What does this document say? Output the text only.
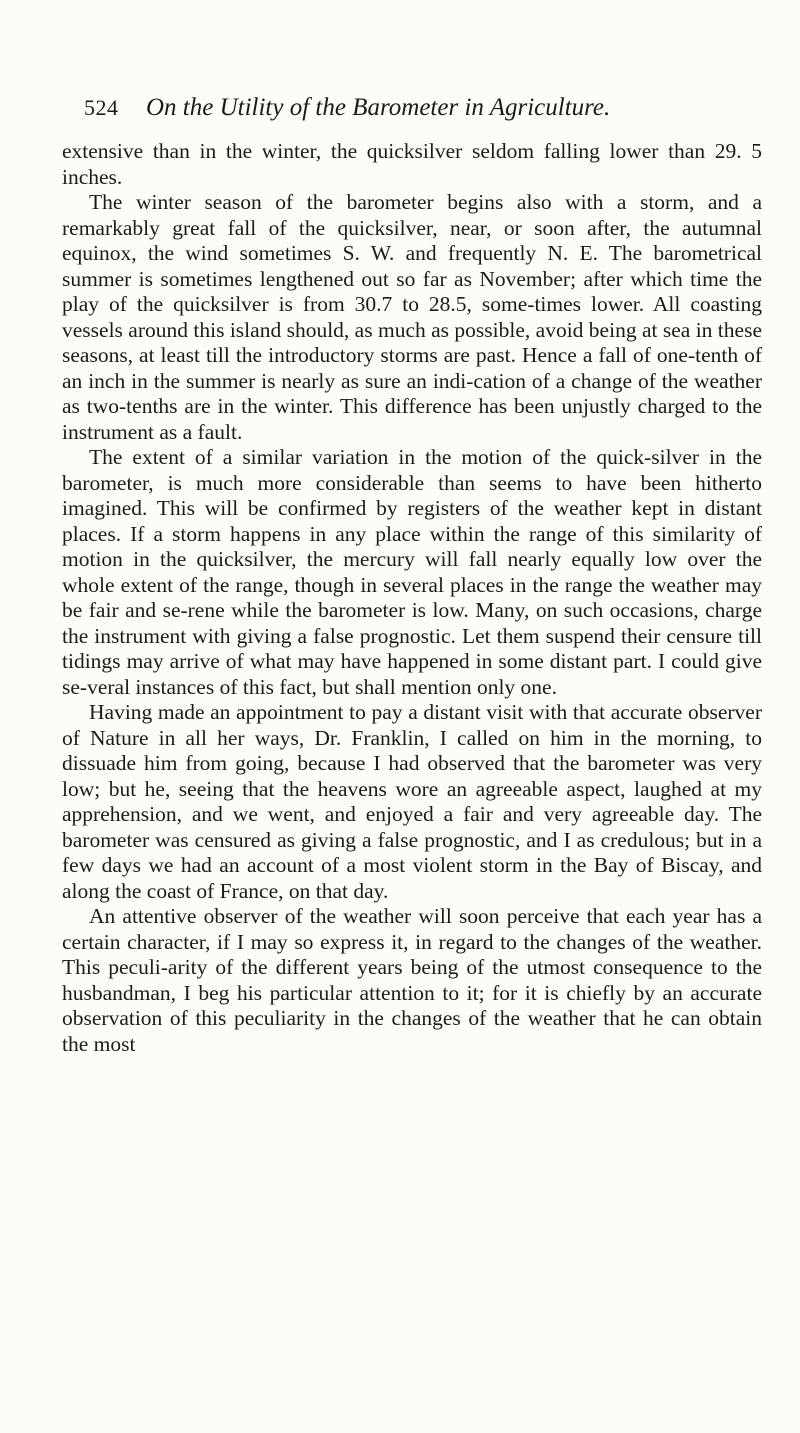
524	On the Utility of the Barometer in Agriculture.

extensive than in the winter, the quicksilver seldom falling lower than 29. 5 inches.

The winter season of the barometer begins also with a storm, and a remarkably great fall of the quicksilver, near, or soon after, the autumnal equinox, the wind sometimes S. W. and frequently N. E. The barometrical summer is sometimes lengthened out so far as November; after which time the play of the quicksilver is from 30.7 to 28.5, some-times lower. All coasting vessels around this island should, as much as possible, avoid being at sea in these seasons, at least till the introductory storms are past. Hence a fall of one-tenth of an inch in the summer is nearly as sure an indi-cation of a change of the weather as two-tenths are in the winter. This difference has been unjustly charged to the instrument as a fault.

The extent of a similar variation in the motion of the quick-silver in the barometer, is much more considerable than seems to have been hitherto imagined. This will be confirmed by registers of the weather kept in distant places. If a storm happens in any place within the range of this similarity of motion in the quicksilver, the mercury will fall nearly equally low over the whole extent of the range, though in several places in the range the weather may be fair and se-rene while the barometer is low. Many, on such occasions, charge the instrument with giving a false prognostic. Let them suspend their censure till tidings may arrive of what may have happened in some distant part. I could give se-veral instances of this fact, but shall mention only one.

Having made an appointment to pay a distant visit with that accurate observer of Nature in all her ways, Dr. Franklin, I called on him in the morning, to dissuade him from going, because I had observed that the barometer was very low; but he, seeing that the heavens wore an agreeable aspect, laughed at my apprehension, and we went, and enjoyed a fair and very agreeable day. The barometer was censured as giving a false prognostic, and I as credulous; but in a few days we had an account of a most violent storm in the Bay of Biscay, and along the coast of France, on that day.

An attentive observer of the weather will soon perceive that each year has a certain character, if I may so express it, in regard to the changes of the weather. This peculi-arity of the different years being of the utmost consequence to the husbandman, I beg his particular attention to it; for it is chiefly by an accurate observation of this peculiarity in the changes of the weather that he can obtain the most
